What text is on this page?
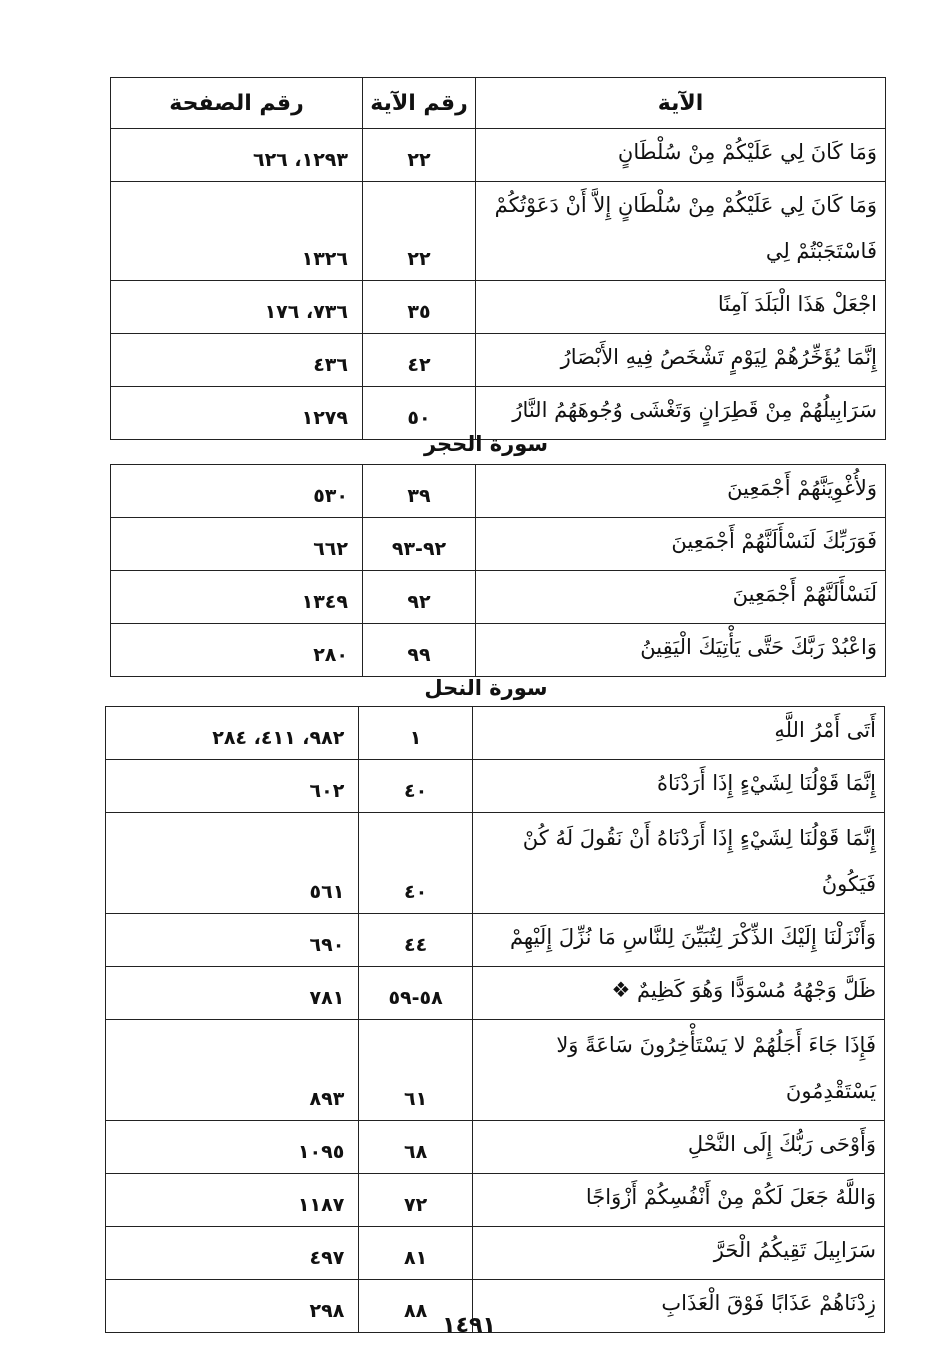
الآية	رقم الآية	رقم الصفحة
وَمَا كَانَ لِي عَلَيْكُمْ مِنْ سُلْطَانٍ	٢٢	١٢٩٣، ٦٢٦
وَمَا كَانَ لِي عَلَيْكُمْ مِنْ سُلْطَانٍ إِلاَّ أَنْ دَعَوْتُكُمْ فَاسْتَجَبْتُمْ لِي	٢٢	١٣٢٦
اجْعَلْ هَذَا الْبَلَدَ آمِنًا	٣٥	٧٣٦، ١٧٦
إِنَّمَا يُؤَخِّرُهُمْ لِيَوْمٍ تَشْخَصُ فِيهِ الأَبْصَارُ	٤٢	٤٣٦
سَرَابِيلُهُمْ مِنْ قَطِرَانٍ وَتَغْشَى وُجُوهَهُمُ النَّارُ	٥٠	١٢٧٩
سورة الحجر
وَلأُغْوِيَنَّهُمْ أَجْمَعِينَ	٣٩	٥٣٠
فَوَرَبِّكَ لَنَسْأَلَنَّهُمْ أَجْمَعِينَ	٩٢-٩٣	٦٦٢
لَنَسْأَلَنَّهُمْ أَجْمَعِينَ	٩٢	١٣٤٩
وَاعْبُدْ رَبَّكَ حَتَّى يَأْتِيَكَ الْيَقِينُ	٩٩	٢٨٠
سورة النحل
أَتَى أَمْرُ اللَّهِ	١	٩٨٢، ٤١١، ٢٨٤
إِنَّمَا قَوْلُنَا لِشَيْءٍ إِذَا أَرَدْنَاهُ	٤٠	٦٠٢
إِنَّمَا قَوْلُنَا لِشَيْءٍ إِذَا أَرَدْنَاهُ أَنْ نَقُولَ لَهُ كُنْ فَيَكُونُ	٤٠	٥٦١
وَأَنْزَلْنَا إِلَيْكَ الذِّكْرَ لِتُبَيِّنَ لِلنَّاسِ مَا نُزِّلَ إِلَيْهِمْ	٤٤	٦٩٠
ظَلَّ وَجْهُهُ مُسْوَدًّا وَهُوَ كَظِيمٌ ❖	٥٨-٥٩	٧٨١
فَإِذَا جَاءَ أَجَلُهُمْ لا يَسْتَأْخِرُونَ سَاعَةً وَلا يَسْتَقْدِمُونَ	٦١	٨٩٣
وَأَوْحَى رَبُّكَ إِلَى النَّحْلِ	٦٨	١٠٩٥
وَاللَّهُ جَعَلَ لَكُمْ مِنْ أَنْفُسِكُمْ أَزْوَاجًا	٧٢	١١٨٧
سَرَابِيلَ تَقِيكُمُ الْحَرَّ	٨١	٤٩٧
زِدْنَاهُمْ عَذَابًا فَوْقَ الْعَذَابِ	٨٨	٢٩٨
١٤٩١
